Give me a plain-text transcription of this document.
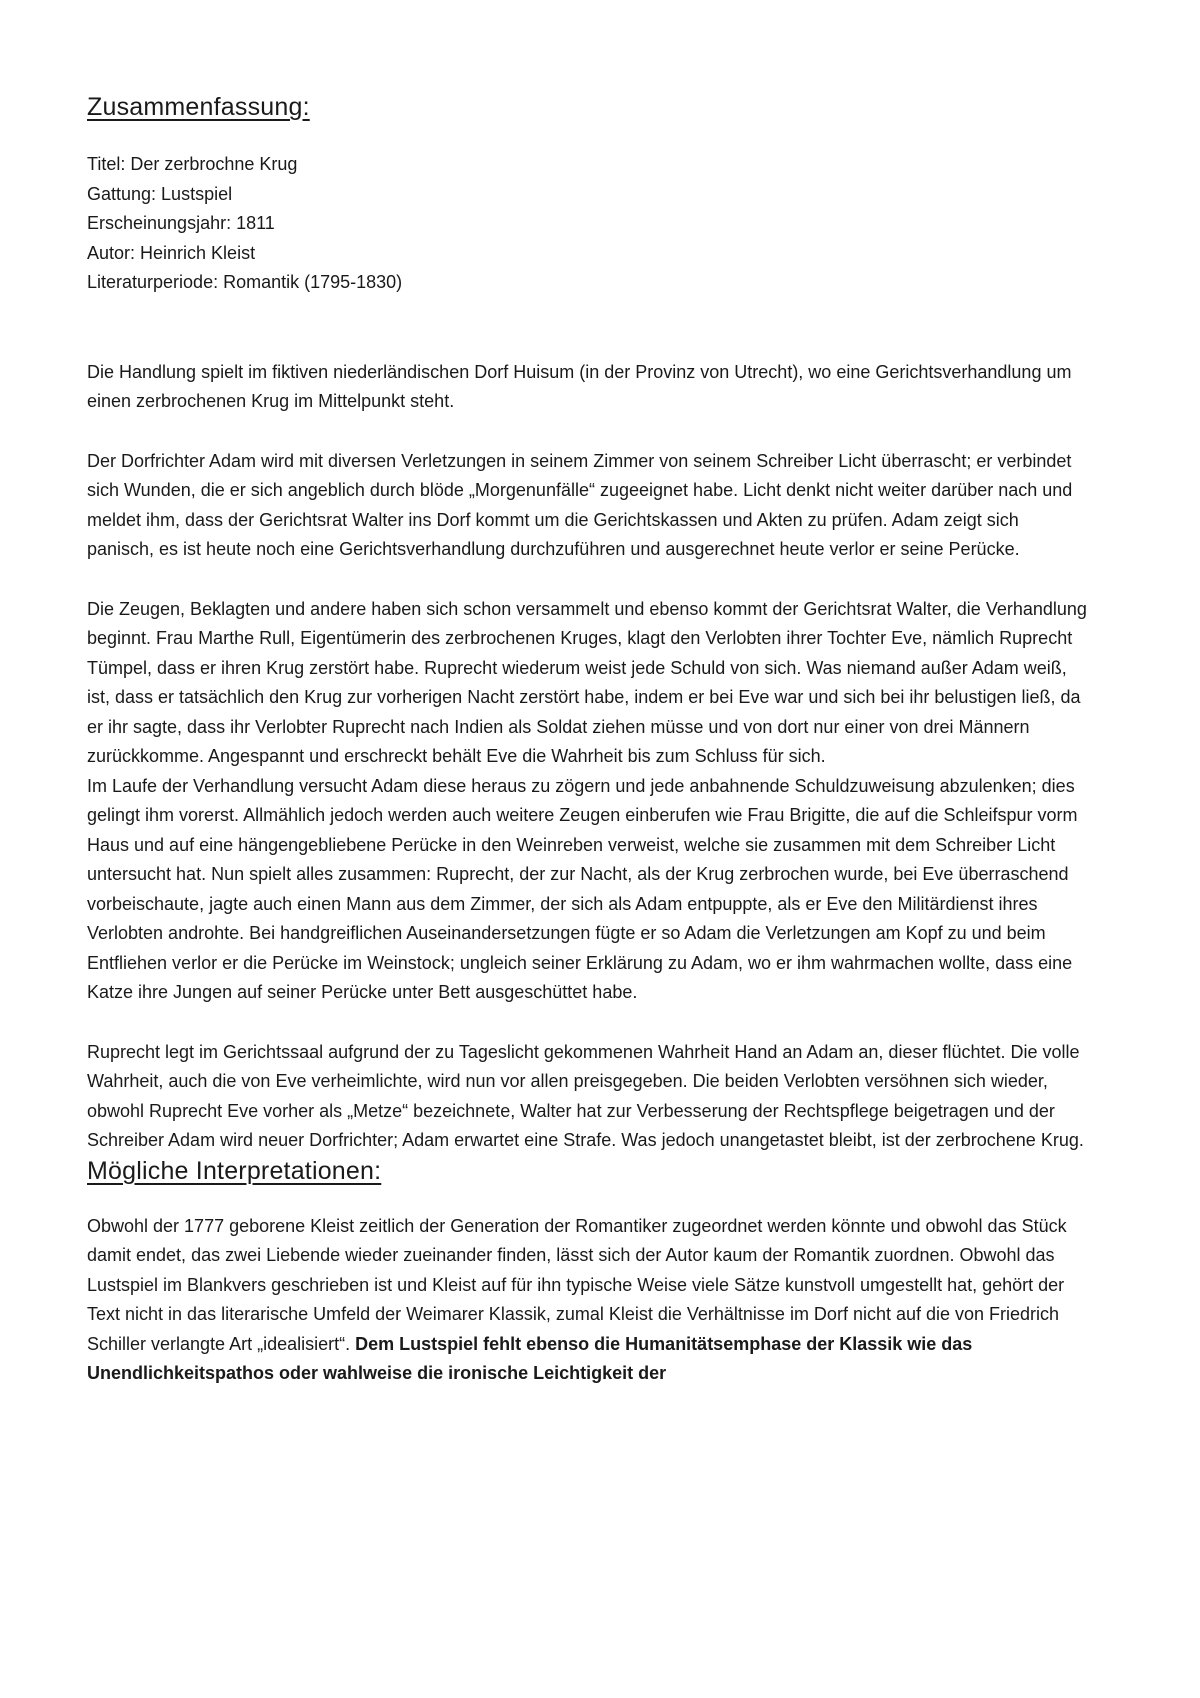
Zusammenfassung:
Titel: Der zerbrochne Krug
Gattung: Lustspiel
Erscheinungsjahr: 1811
Autor: Heinrich Kleist
Literaturperiode: Romantik (1795-1830)

Die Handlung spielt im fiktiven niederländischen Dorf Huisum (in der Provinz von Utrecht), wo eine Gerichtsverhandlung um einen zerbrochenen Krug im Mittelpunkt steht.

Der Dorfrichter Adam wird mit diversen Verletzungen in seinem Zimmer von seinem Schreiber Licht überrascht; er verbindet sich Wunden, die er sich angeblich durch blöde „Morgenunfälle“ zugeeignet habe. Licht denkt nicht weiter darüber nach und meldet ihm, dass der Gerichtsrat Walter ins Dorf kommt um die Gerichtskassen und Akten zu prüfen. Adam zeigt sich panisch, es ist heute noch eine Gerichtsverhandlung durchzuführen und ausgerechnet heute verlor er seine Perücke.

Die Zeugen, Beklagten und andere haben sich schon versammelt und ebenso kommt der Gerichtsrat Walter, die Verhandlung beginnt. Frau Marthe Rull, Eigentümerin des zerbrochenen Kruges, klagt den Verlobten ihrer Tochter Eve, nämlich Ruprecht Tümpel, dass er ihren Krug zerstört habe. Ruprecht wiederum weist jede Schuld von sich. Was niemand außer Adam weiß, ist, dass er tatsächlich den Krug zur vorherigen Nacht zerstört habe, indem er bei Eve war und sich bei ihr belustigen ließ, da er ihr sagte, dass ihr Verlobter Ruprecht nach Indien als Soldat ziehen müsse und von dort nur einer von drei Männern zurückkomme. Angespannt und erschreckt behält Eve die Wahrheit bis zum Schluss für sich.

Im Laufe der Verhandlung versucht Adam diese heraus zu zögern und jede anbahnende Schuldzuweisung abzulenken; dies gelingt ihm vorerst. Allmählich jedoch werden auch weitere Zeugen einberufen wie Frau Brigitte, die auf die Schleifspur vorm Haus und auf eine hängengebliebene Perücke in den Weinreben verweist, welche sie zusammen mit dem Schreiber Licht untersucht hat. Nun spielt alles zusammen: Ruprecht, der zur Nacht, als der Krug zerbrochen wurde, bei Eve überraschend vorbeischaute, jagte auch einen Mann aus dem Zimmer, der sich als Adam entpuppte, als er Eve den Militärdienst ihres Verlobten androhte. Bei handgreiflichen Auseinandersetzungen fügte er so Adam die Verletzungen am Kopf zu und beim Entfliehen verlor er die Perücke im Weinstock; ungleich seiner Erklärung zu Adam, wo er ihm wahrmachen wollte, dass eine Katze ihre Jungen auf seiner Perücke unter Bett ausgeschüttet habe.

Ruprecht legt im Gerichtssaal aufgrund der zu Tageslicht gekommenen Wahrheit Hand an Adam an, dieser flüchtet. Die volle Wahrheit, auch die von Eve verheimlichte, wird nun vor allen preisgegeben. Die beiden Verlobten versöhnen sich wieder, obwohl Ruprecht Eve vorher als „Metze“ bezeichnete, Walter hat zur Verbesserung der Rechtspflege beigetragen und der Schreiber Adam wird neuer Dorfrichter; Adam erwartet eine Strafe. Was jedoch unangetastet bleibt, ist der zerbrochene Krug.

Mögliche Interpretationen:

Obwohl der 1777 geborene Kleist zeitlich der Generation der Romantiker zugeordnet werden könnte und obwohl das Stück damit endet, das zwei Liebende wieder zueinander finden, lässt sich der Autor kaum der Romantik zuordnen. Obwohl das Lustspiel im Blankvers geschrieben ist und Kleist auf für ihn typische Weise viele Sätze kunstvoll umgestellt hat, gehört der Text nicht in das literarische Umfeld der Weimarer Klassik, zumal Kleist die Verhältnisse im Dorf nicht auf die von Friedrich Schiller verlangte Art „idealisiert“. Dem Lustspiel fehlt ebenso die Humanitätsemphase der Klassik wie das Unendlichkeitspathos oder wahlweise die ironische Leichtigkeit der
